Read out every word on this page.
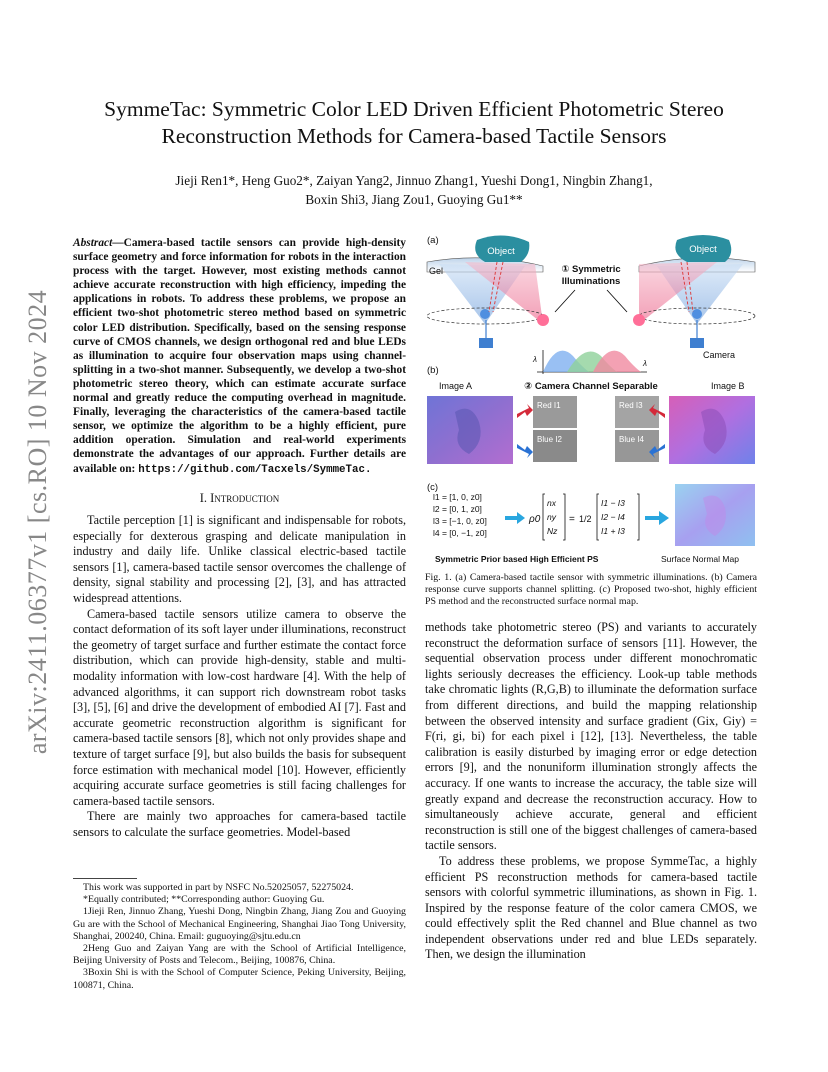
arXiv:2411.06377v1 [cs.RO] 10 Nov 2024
SymmeTac: Symmetric Color LED Driven Efficient Photometric Stereo Reconstruction Methods for Camera-based Tactile Sensors
Jieji Ren1*, Heng Guo2*, Zaiyan Yang2, Jinnuo Zhang1, Yueshi Dong1, Ningbin Zhang1,
Boxin Shi3, Jiang Zou1, Guoying Gu1**
Abstract—Camera-based tactile sensors can provide high-density surface geometry and force information for robots in the interaction process with the target. However, most existing methods cannot achieve accurate reconstruction with high efficiency, impeding the applications in robots. To address these problems, we propose an efficient two-shot photometric stereo method based on symmetric color LED distribution. Specifically, based on the sensing response curve of CMOS channels, we design orthogonal red and blue LEDs as illumination to acquire four observation maps using channel-splitting in a two-shot manner. Subsequently, we develop a two-shot photometric stereo theory, which can estimate accurate surface normal and greatly reduce the computing overhead in magnitude. Finally, leveraging the characteristics of the camera-based tactile sensor, we optimize the algorithm to be a highly efficient, pure addition operation. Simulation and real-world experiments demonstrate the advantages of our approach. Further details are available on: https://github.com/Tacxels/SymmeTac.
I. Introduction

Tactile perception [1] is significant and indispensable for robots, especially for dexterous grasping and delicate manipulation in industry and daily life. Unlike classical electric-based tactile sensors [1], camera-based tactile sensor overcomes the challenge of density, signal stability and processing [2], [3], and has attracted widespread attentions.

Camera-based tactile sensors utilize camera to observe the contact deformation of its soft layer under illuminations, reconstruct the geometry of target surface and further estimate the contact force distribution, which can provide high-density, stable and multi-modality information with low-cost hardware [4]. With the help of advanced algorithms, it can support rich downstream robot tasks [3], [5], [6] and drive the development of embodied AI [7]. Fast and accurate geometric reconstruction algorithm is significant for camera-based tactile sensors [8], which not only provides shape and texture of target surface [9], but also builds the basis for subsequent force estimation with mechanical model [10]. However, efficiently acquiring accurate surface geometries is still facing challenges for camera-based tactile sensors.

There are mainly two approaches for camera-based tactile sensors to calculate the surface geometries. Model-based

This work was supported in part by NSFC No.52025057, 52275024.

*Equally contributed; **Corresponding author: Guoying Gu.

1Jieji Ren, Jinnuo Zhang, Yueshi Dong, Ningbin Zhang, Jiang Zou and Guoying Gu are with the School of Mechanical Engineering, Shanghai Jiao Tong University, Shanghai, 200240, China. Email: guguoying@sjtu.edu.cn

2Heng Guo and Zaiyan Yang are with the School of Artificial Intelligence, Beijing University of Posts and Telecom., Beijing, 100876, China.

3Boxin Shi is with the School of Computer Science, Peking University, Beijing, 100871, China.

(a)
(b)
(c)
Object
Gel
Object
① Symmetric
Illuminations
Camera
λ	λ
Image A	② Camera Channel Separable	Image B
Red I1	Red I3
Blue I2	Blue I4
l1 = [1, 0, z0]
l2 = [0, 1, z0]
l3 = [−1, 0, z0]
l4 = [0, −1, z0]
ρ0
nx
ny
Nz
= 1/2
I1 − I3
I2 − I4
I1 + I3
Symmetric Prior based High Efficient PS	Surface Normal Map
Fig. 1. (a) Camera-based tactile sensor with symmetric illuminations. (b) Camera response curve supports channel splitting. (c) Proposed two-shot, highly efficient PS method and the reconstructed surface normal map.

methods take photometric stereo (PS) and variants to accurately reconstruct the deformation surface of sensors [11]. However, the sequential observation process under different monochromatic lights seriously decreases the efficiency. Look-up table methods take chromatic lights (R,G,B) to illuminate the deformation surface from different directions, and build the mapping relationship between the observed intensity and surface gradient (Gix, Giy) = F(ri, gi, bi) for each pixel i [12], [13]. Nevertheless, the table calibration is easily disturbed by imaging error or edge detection errors [9], and the nonuniform illumination strongly affects the accuracy. If one wants to increase the accuracy, the table size will greatly expand and decrease the reconstruction accuracy. How to simultaneously achieve accurate, general and efficient reconstruction is still one of the biggest challenges of camera-based tactile sensors.

To address these problems, we propose SymmeTac, a highly efficient PS reconstruction methods for camera-based tactile sensors with colorful symmetric illuminations, as shown in Fig. 1. Inspired by the response feature of the color camera CMOS, we could effectively split the Red channel and Blue channel as two independent observations under red and blue LEDs separately. Then, we design the illumination
